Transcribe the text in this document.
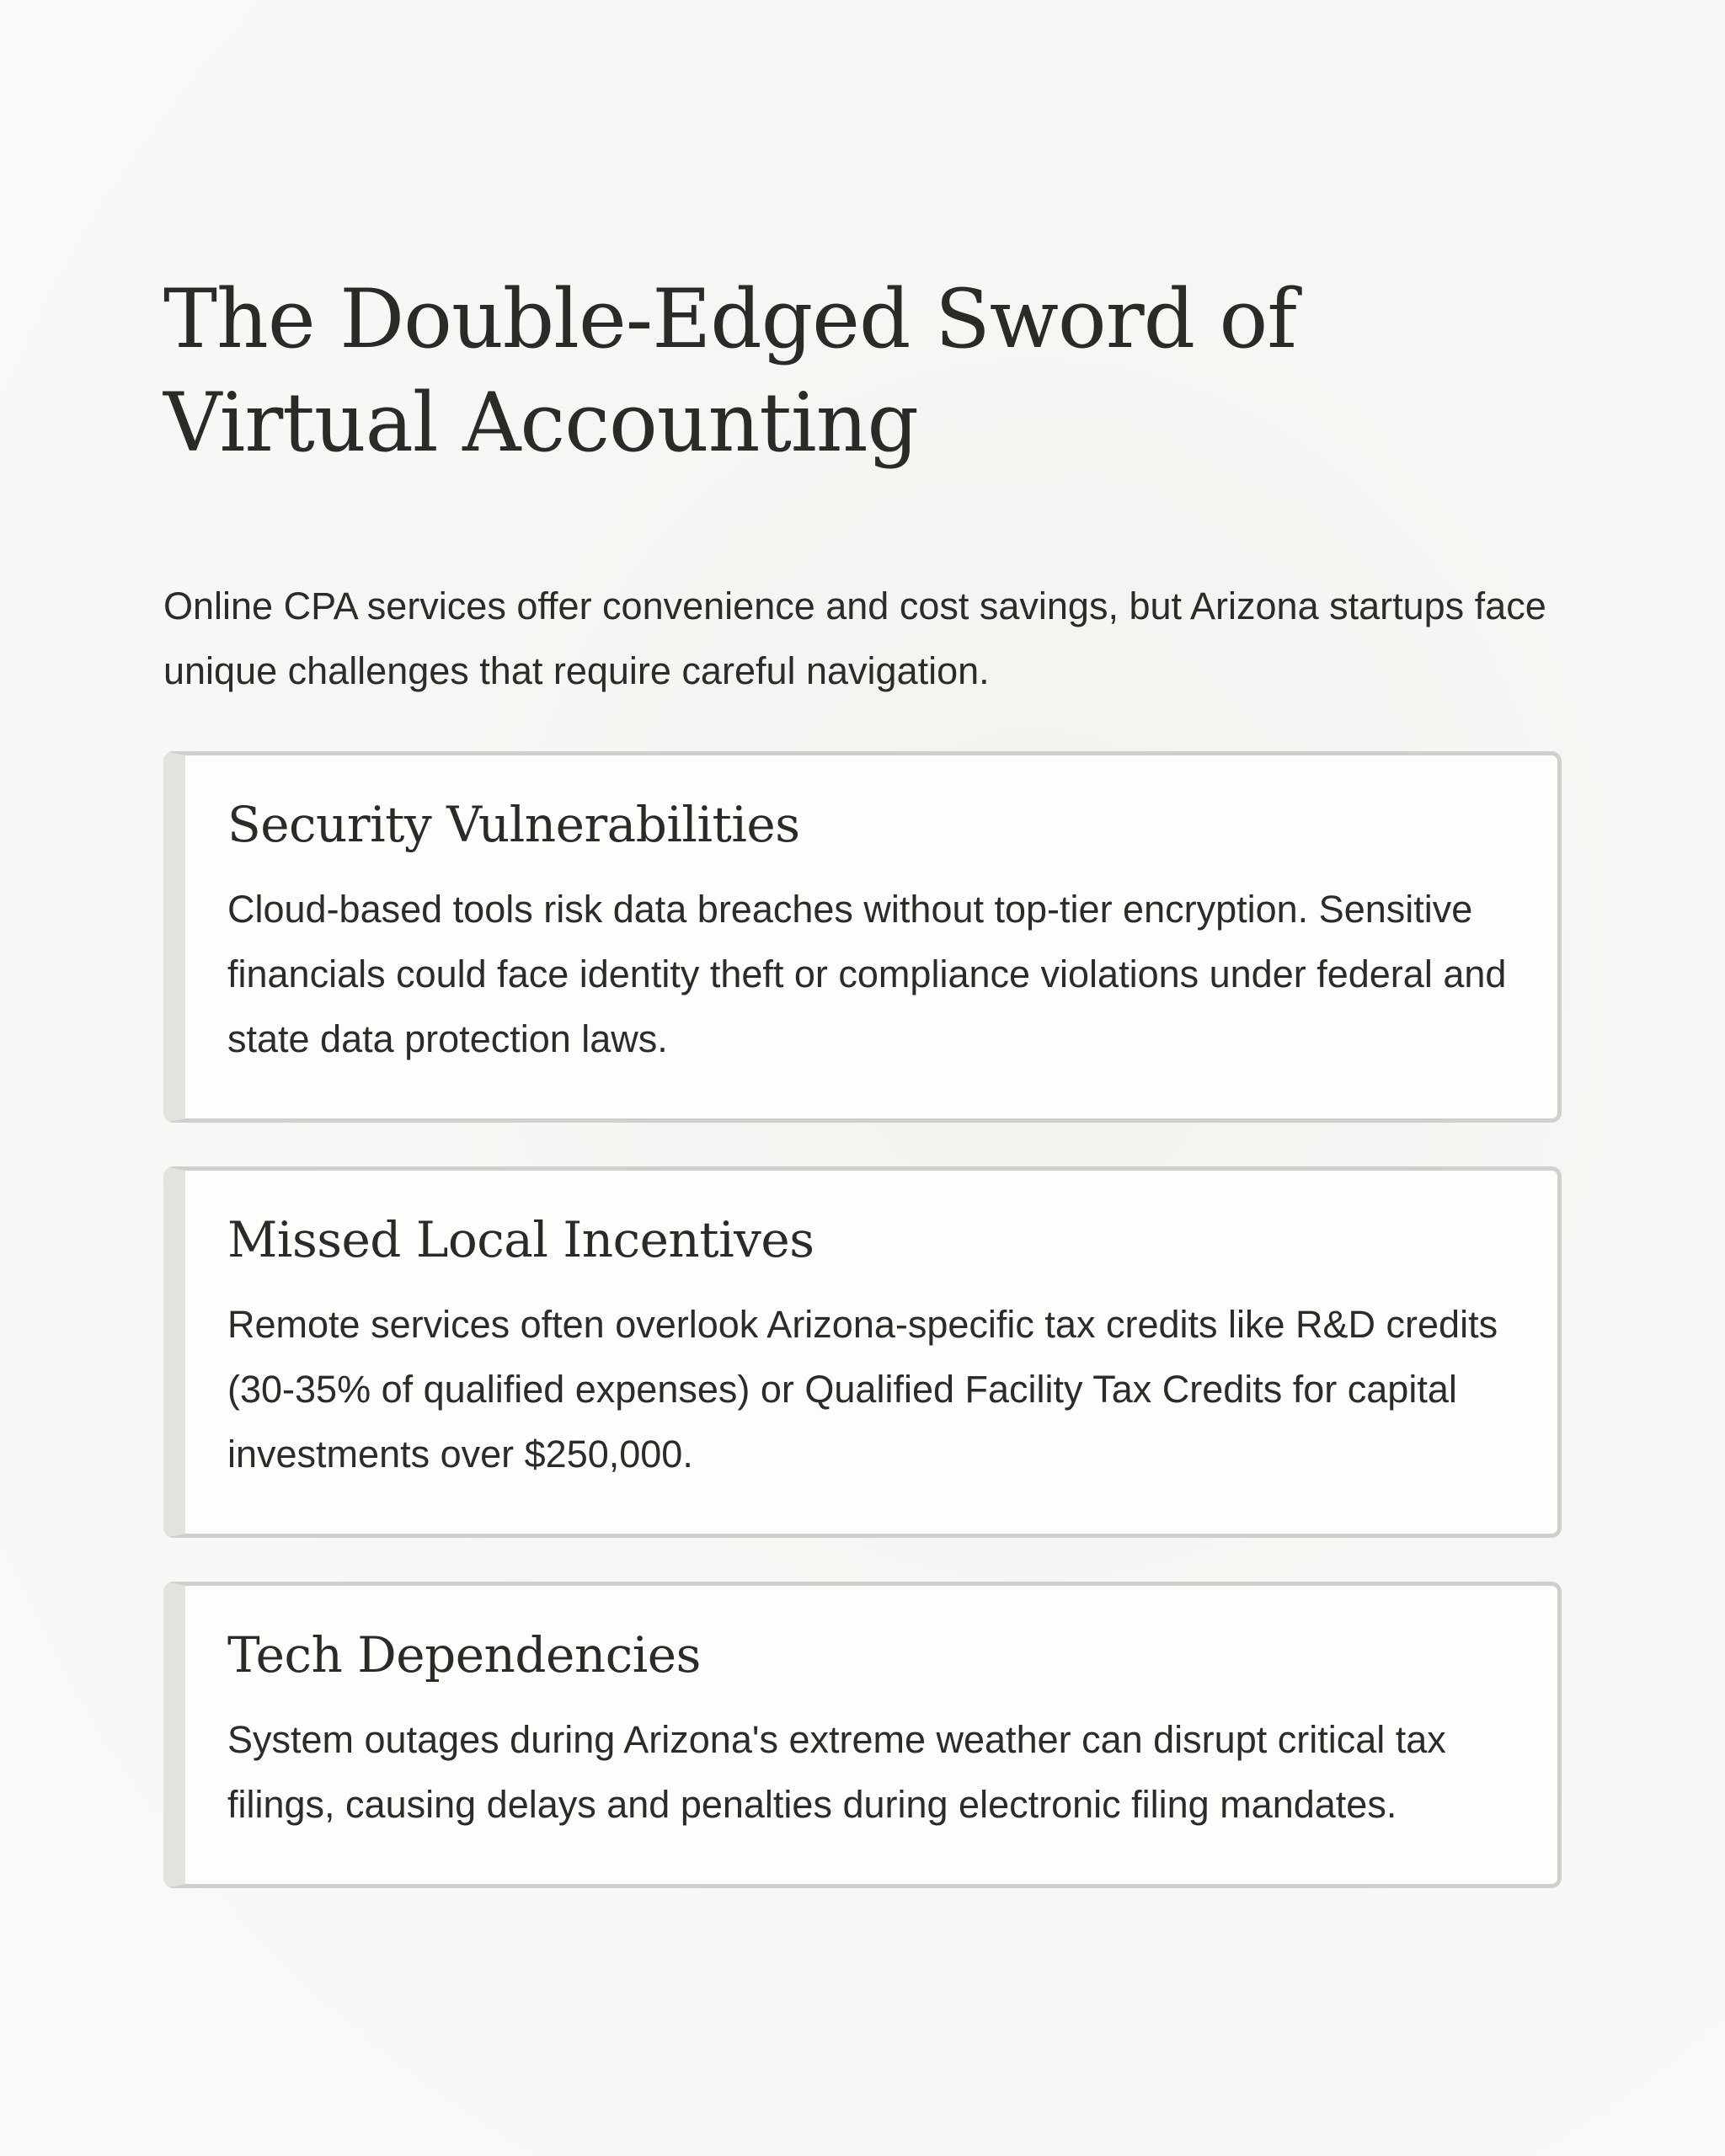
The Double-Edged Sword of Virtual Accounting

Online CPA services offer convenience and cost savings, but Arizona startups face unique challenges that require careful navigation.

Security Vulnerabilities

Cloud-based tools risk data breaches without top-tier encryption. Sensitive financials could face identity theft or compliance violations under federal and state data protection laws.

Missed Local Incentives

Remote services often overlook Arizona-specific tax credits like R&D credits (30-35% of qualified expenses) or Qualified Facility Tax Credits for capital investments over $250,000.

Tech Dependencies

System outages during Arizona's extreme weather can disrupt critical tax filings, causing delays and penalties during electronic filing mandates.
